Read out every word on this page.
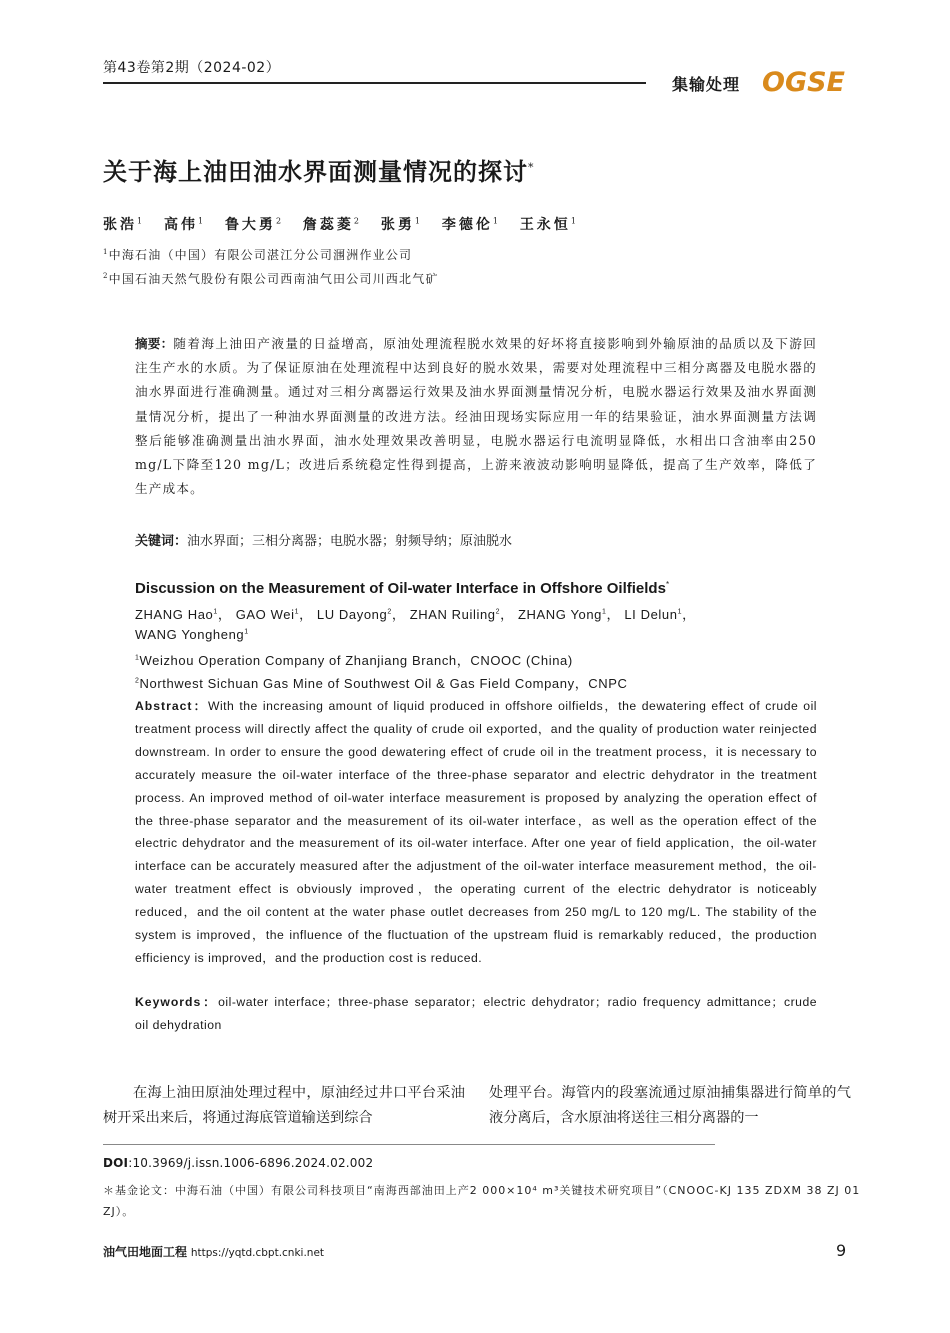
第43卷第2期（2024-02）
集输处理 OGSE
关于海上油田油水界面测量情况的探讨*
张浩$^1$ 高伟$^1$ 鲁大勇$^2$ 詹蕊菱$^2$ 张勇$^1$ 李德伦$^1$ 王永恒$^1$
$^1$中海石油（中国）有限公司湛江分公司涠洲作业公司
$^2$中国石油天然气股份有限公司西南油气田公司川西北气矿
摘要：随着海上油田产液量的日益增高，原油处理流程脱水效果的好坏将直接影响到外输原油的品质以及下游回注生产水的水质。为了保证原油在处理流程中达到良好的脱水效果，需要对处理流程中三相分离器及电脱水器的油水界面进行准确测量。通过对三相分离器运行效果及油水界面测量情况分析，电脱水器运行效果及油水界面测量情况分析，提出了一种油水界面测量的改进方法。经油田现场实际应用一年的结果验证，油水界面测量方法调整后能够准确测量出油水界面，油水处理效果改善明显，电脱水器运行电流明显降低，水相出口含油率由250 mg/L下降至120 mg/L；改进后系统稳定性得到提高，上游来液波动影响明显降低，提高了生产效率，降低了生产成本。
关键词：油水界面；三相分离器；电脱水器；射频导纳；原油脱水
Discussion on the Measurement of Oil-water Interface in Offshore Oilfields*
ZHANG Hao$^1$， GAO Wei$^1$， LU Dayong$^2$， ZHAN Ruiling$^2$， ZHANG Yong$^1$， LI Delun$^1$，
WANG Yongheng$^1$
$^1$Weizhou Operation Company of Zhanjiang Branch，CNOOC (China)
$^2$Northwest Sichuan Gas Mine of Southwest Oil & Gas Field Company，CNPC
Abstract：With the increasing amount of liquid produced in offshore oilfields，the dewatering effect of crude oil treatment process will directly affect the quality of crude oil exported，and the quality of production water reinjected downstream. In order to ensure the good dewatering effect of crude oil in the treatment process，it is necessary to accurately measure the oil-water interface of the three-phase separator and electric dehydrator in the treatment process. An improved method of oil-water interface measurement is proposed by analyzing the operation effect of the three-phase separator and the measurement of its oil-water interface，as well as the operation effect of the electric dehydrator and the measurement of its oil-water interface. After one year of field application，the oil-water interface can be accurately measured after the adjustment of the oil-water interface measurement method，the oil-water treatment effect is obviously improved，the operating current of the electric dehydrator is noticeably reduced，and the oil content at the water phase outlet decreases from 250 mg/L to 120 mg/L. The stability of the system is improved，the influence of the fluctuation of the upstream fluid is remarkably reduced，the production efficiency is improved，and the production cost is reduced.
Keywords：oil-water interface；three-phase separator；electric dehydrator；radio frequency admittance；crude oil dehydration
在海上油田原油处理过程中，原油经过井口平台采油树开采出来后，将通过海底管道输送到综合
处理平台。海管内的段塞流通过原油捕集器进行简单的气液分离后，含水原油将送往三相分离器的一
DOI:10.3969/j.issn.1006-6896.2024.02.002
＊基金论文：中海石油（中国）有限公司科技项目“南海西部油田上产2 000×10⁴ m³关键技术研究项目”（CNOOC-KJ 135 ZDXM 38 ZJ 01 ZJ）。
油气田地面工程 https://yqtd.cbpt.cnki.net	9
